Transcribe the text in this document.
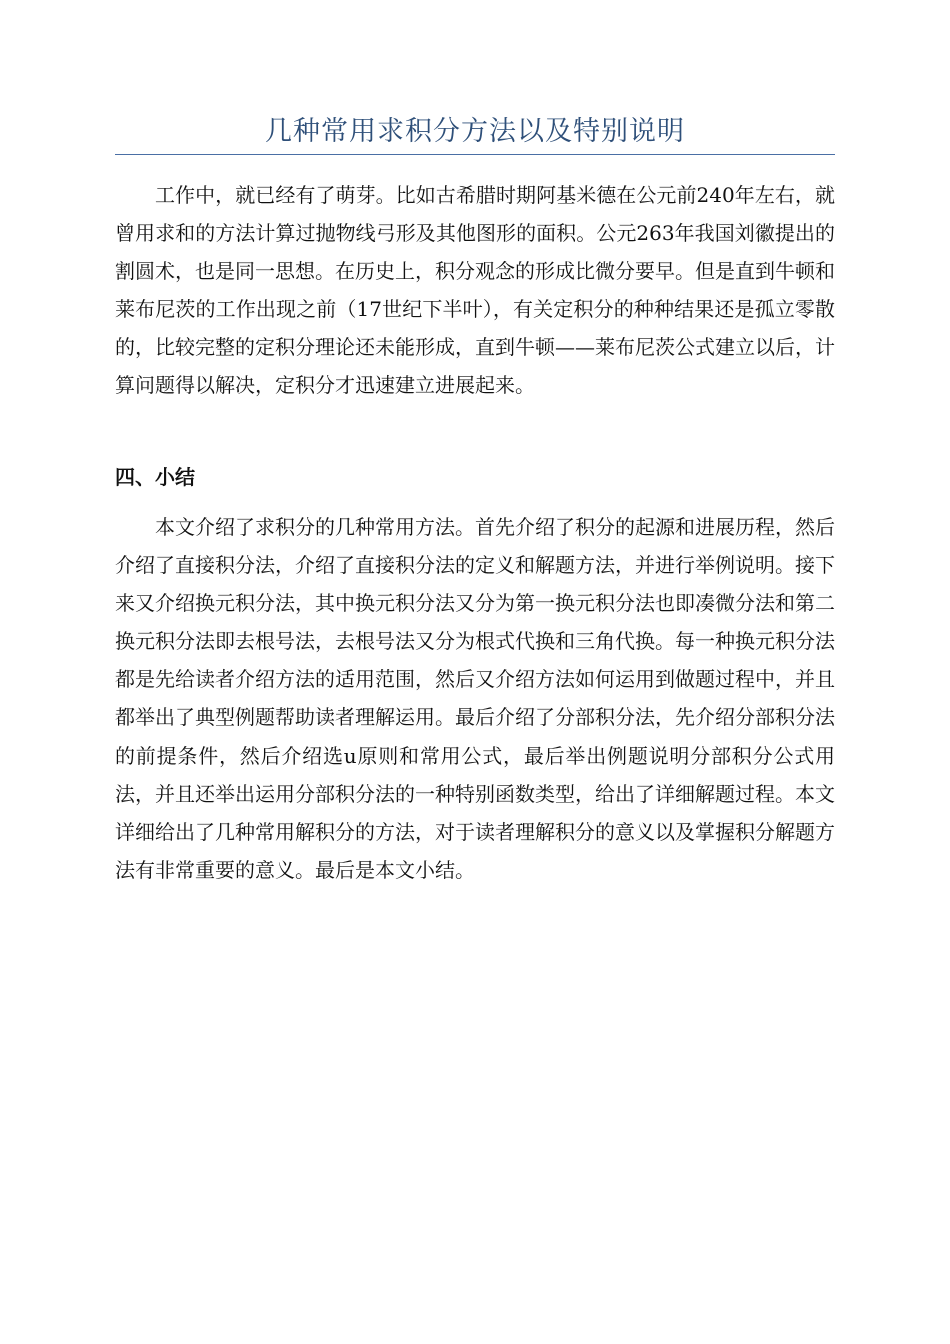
几种常用求积分方法以及特别说明

工作中，就已经有了萌芽。比如古希腊时期阿基米德在公元前240年左右，就曾用求和的方法计算过抛物线弓形及其他图形的面积。公元263年我国刘徽提出的割圆术，也是同一思想。在历史上，积分观念的形成比微分要早。但是直到牛顿和莱布尼茨的工作出现之前（17世纪下半叶），有关定积分的种种结果还是孤立零散的，比较完整的定积分理论还未能形成，直到牛顿——莱布尼茨公式建立以后，计算问题得以解决，定积分才迅速建立进展起来。

四、小结

本文介绍了求积分的几种常用方法。首先介绍了积分的起源和进展历程，然后介绍了直接积分法，介绍了直接积分法的定义和解题方法，并进行举例说明。接下来又介绍换元积分法，其中换元积分法又分为第一换元积分法也即凑微分法和第二换元积分法即去根号法，去根号法又分为根式代换和三角代换。每一种换元积分法都是先给读者介绍方法的适用范围，然后又介绍方法如何运用到做题过程中，并且都举出了典型例题帮助读者理解运用。最后介绍了分部积分法，先介绍分部积分法的前提条件，然后介绍选u原则和常用公式，最后举出例题说明分部积分公式用法，并且还举出运用分部积分法的一种特别函数类型，给出了详细解题过程。本文详细给出了几种常用解积分的方法，对于读者理解积分的意义以及掌握积分解题方法有非常重要的意义。最后是本文小结。
